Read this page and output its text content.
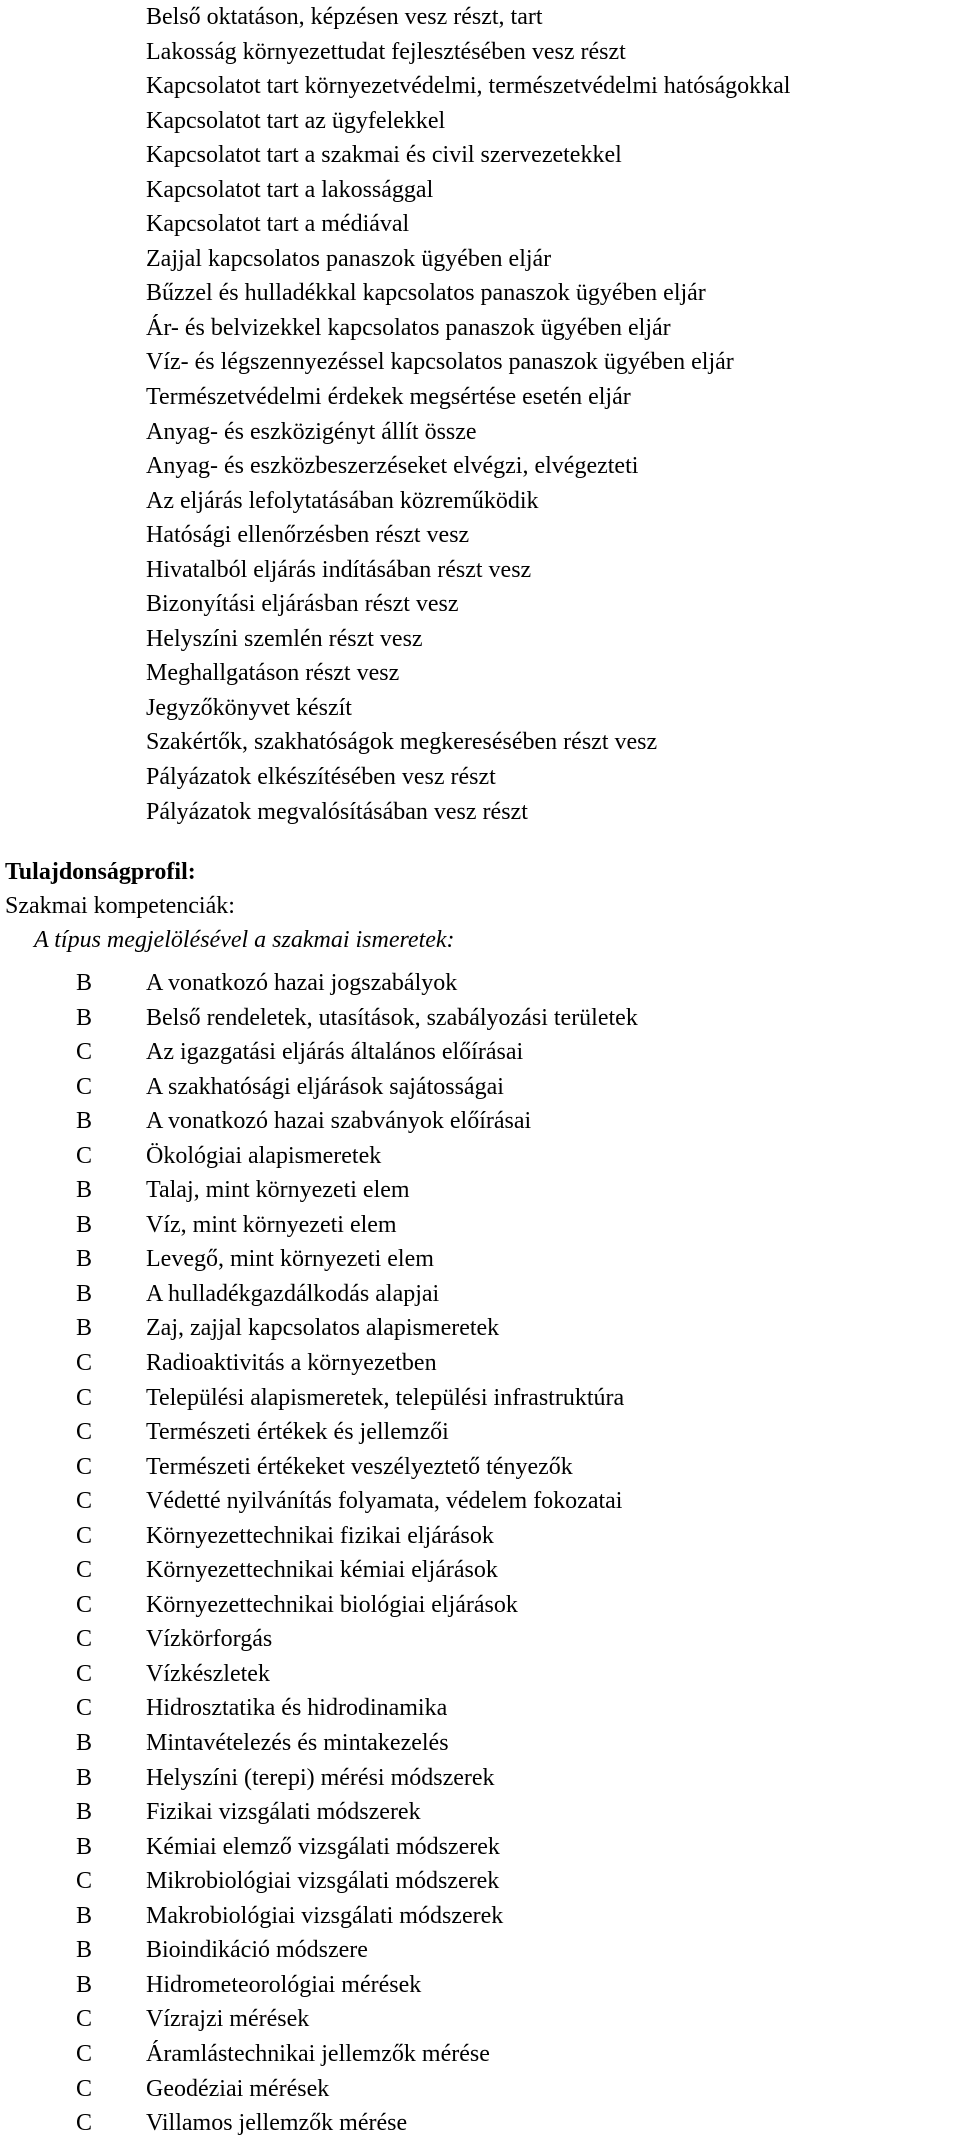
Belső oktatáson, képzésen vesz részt, tart
Lakosság környezettudat fejlesztésében vesz részt
Kapcsolatot tart környezetvédelmi, természetvédelmi hatóságokkal
Kapcsolatot tart az ügyfelekkel
Kapcsolatot tart a szakmai és civil szervezetekkel
Kapcsolatot tart a lakossággal
Kapcsolatot tart a médiával
Zajjal kapcsolatos panaszok ügyében eljár
Bűzzel és hulladékkal kapcsolatos panaszok ügyében eljár
Ár- és belvizekkel kapcsolatos panaszok ügyében eljár
Víz- és légszennyezéssel kapcsolatos panaszok ügyében eljár
Természetvédelmi érdekek megsértése esetén eljár
Anyag- és eszközigényt állít össze
Anyag- és eszközbeszerzéseket elvégzi, elvégezteti
Az eljárás lefolytatásában közreműködik
Hatósági ellenőrzésben részt vesz
Hivatalból eljárás indításában részt vesz
Bizonyítási eljárásban részt vesz
Helyszíni szemlén részt vesz
Meghallgatáson részt vesz
Jegyzőkönyvet készít
Szakértők, szakhatóságok megkeresésében részt vesz
Pályázatok elkészítésében vesz részt
Pályázatok megvalósításában vesz részt
Tulajdonságprofil:
Szakmai kompetenciák:
A típus megjelölésével a szakmai ismeretek:
B	A vonatkozó hazai jogszabályok
B	Belső rendeletek, utasítások, szabályozási területek
C	Az igazgatási eljárás általános előírásai
C	A szakhatósági eljárások sajátosságai
B	A vonatkozó hazai szabványok előírásai
C	Ökológiai alapismeretek
B	Talaj, mint környezeti elem
B	Víz, mint környezeti elem
B	Levegő, mint környezeti elem
B	A hulladékgazdálkodás alapjai
B	Zaj, zajjal kapcsolatos alapismeretek
C	Radioaktivitás a környezetben
C	Települési alapismeretek, települési infrastruktúra
C	Természeti értékek és jellemzői
C	Természeti értékeket veszélyeztető tényezők
C	Védetté nyilvánítás folyamata, védelem fokozatai
C	Környezettechnikai fizikai eljárások
C	Környezettechnikai kémiai eljárások
C	Környezettechnikai biológiai eljárások
C	Vízkörforgás
C	Vízkészletek
C	Hidrosztatika és hidrodinamika
B	Mintavételezés és mintakezelés
B	Helyszíni (terepi) mérési módszerek
B	Fizikai vizsgálati módszerek
B	Kémiai elemző vizsgálati módszerek
C	Mikrobiológiai vizsgálati módszerek
B	Makrobiológiai vizsgálati módszerek
B	Bioindikáció módszere
B	Hidrometeorológiai mérések
C	Vízrajzi mérések
C	Áramlástechnikai jellemzők mérése
C	Geodéziai mérések
C	Villamos jellemzők mérése
